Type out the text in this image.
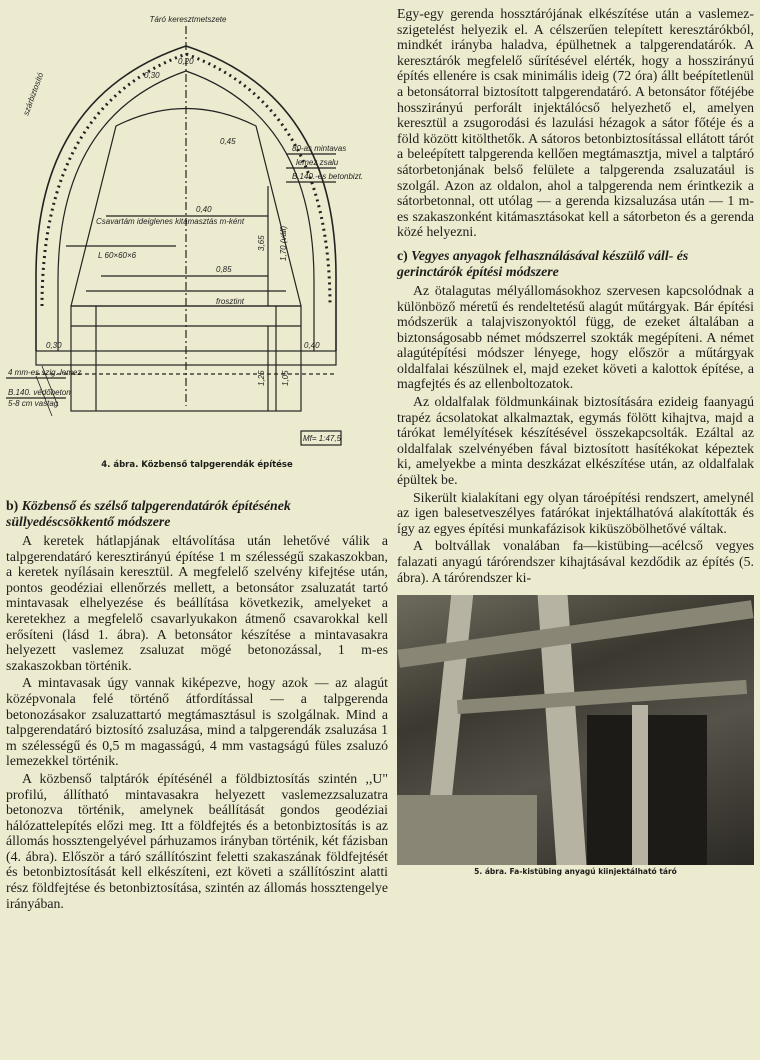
Táró keresztmetszete
szárbiztosító
0,20
0,30
80-as mintavas
lemez zsalu
B.140.-es betonbizt.
0,45
0,40
0,85
Csavartám ideiglenes kitámasztás m-ként
L 60×60×6
frosztint
0,30	0,40
4 mm-es szig. lemez
B.140. védőbeton
5-8 cm vastag
3,65 1,70 (váll)
1,25 1,05
Mf= 1:47,5
4. ábra. Közbenső talpgerendák építése
b) Közbenső és szélső talpgerendatárók építésének süllyedéscsökkentő módszere

A keretek hátlapjának eltávolítása után lehetővé válik a talpgerendatáró keresztirányú építése 1 m szélességű szakaszokban, a keretek nyílásain keresztül. A megfelelő szelvény kifejtése után, pontos geodéziai ellenőrzés mellett, a betonsátor zsaluzatát tartó mintavasak elhelyezése és beállítása következik, amelyeket a keretekhez a megfelelő csavarlyukakon átmenő csavarokkal kell erősíteni (lásd 1. ábra). A betonsátor készítése a mintavasakra helyezett vaslemez zsaluzat mögé betonozással, 1 m-es szakaszokban történik.

A mintavasak úgy vannak kiképezve, hogy azok — az alagút középvonala felé történő átfordítással — a talpgerenda betonozásakor zsaluzattartó megtámasztásul is szolgálnak. Mind a talpgerendatáró biztosító zsaluzása, mind a talpgerendák zsaluzása 1 m szélességű és 0,5 m magasságú, 4 mm vastagságú füles zsaluzó lemezekkel történik.

A közbenső talptárók építésénél a földbiztosítás szintén ,,U" profilú, állítható mintavasakra helyezett vaslemezzsaluzatra betonozva történik, amelynek beállítását gondos geodéziai hálózattelepítés előzi meg. Itt a földfejtés és a betonbiztosítás is az állomás hossztengelyével párhuzamos irányban történik, két fázisban (4. ábra). Először a táró szállítószint feletti szakaszának földfejtését és betonbiztosítását kell elkészíteni, ezt követi a szállítószint alatti rész földfejtése és betonbiztosítása, szintén az állomás hossztengelye irányában.

Egy-egy gerenda hossztárójának elkészítése után a vaslemez-szigetelést helyezik el. A célszerűen telepített keresztárókból, mindkét irányba haladva, épülhetnek a talpgerendatárók. A keresztárók megfelelő sűrítésével elérték, hogy a hosszirányú építés ellenére is csak minimális ideig (72 óra) állt beépítetlenül a betonsátorral biztosított talpgerendatáró. A betonsátor főtéjébe hosszirányú perforált injektálócső helyezhető el, amelyen keresztül a zsugorodási és lazulási hézagok a sátor főtéje és a föld között kitölthetők. A sátoros betonbiztosítással ellátott tárót a beleépített talpgerenda kellően megtámasztja, mivel a talptáró sátorbetonjának belső felülete a talpgerenda zsaluzatául is szolgál. Azon az oldalon, ahol a talpgerenda nem érintkezik a sátorbetonnal, ott utólag — a gerenda kizsaluzása után — 1 m-es szakaszonként kitámasztásokat kell a sátorbeton és a gerenda közé helyezni.

c) Vegyes anyagok felhasználásával készülő váll- és gerinctárók építési módszere

Az ötalagutas mélyállomásokhoz szervesen kapcsolódnak a különböző méretű és rendeltetésű alagút műtárgyak. Bár építési módszerük a talajviszonyoktól függ, de ezeket általában a biztonságosabb német módszerrel szokták megépíteni. A német alagútépítési módszer lényege, hogy először a műtárgyak oldalfalai készülnek el, majd ezeket követi a kalottok építése, a magfejtés és az ellenboltozatok.

Az oldalfalak földmunkáinak biztosítására ezideig faanyagú trapéz ácsolatokat alkalmaztak, egymás fölött kihajtva, majd a tárókat lemélyítések készítésével összekapcsolták. Ezáltal az oldalfalak szelvényében fával biztosított hasítékokat képeztek ki, amelyekbe a minta deszkázat elkészítése után, az oldalfalak épültek be.

Sikerült kialakítani egy olyan tároépítési rendszert, amelynél az igen balesetveszélyes fatárókat injektálhatóvá alakították és így az egyes építési munkafázisok kiküszöbölhetővé váltak.

A boltvállak vonalában fa—kistübing—acélcső vegyes falazati anyagú tárórendszer kihajtásával kezdődik az építés (5. ábra). A tárórendszer ki-

5. ábra. Fa-kistübing anyagú kiinjektálható táró
